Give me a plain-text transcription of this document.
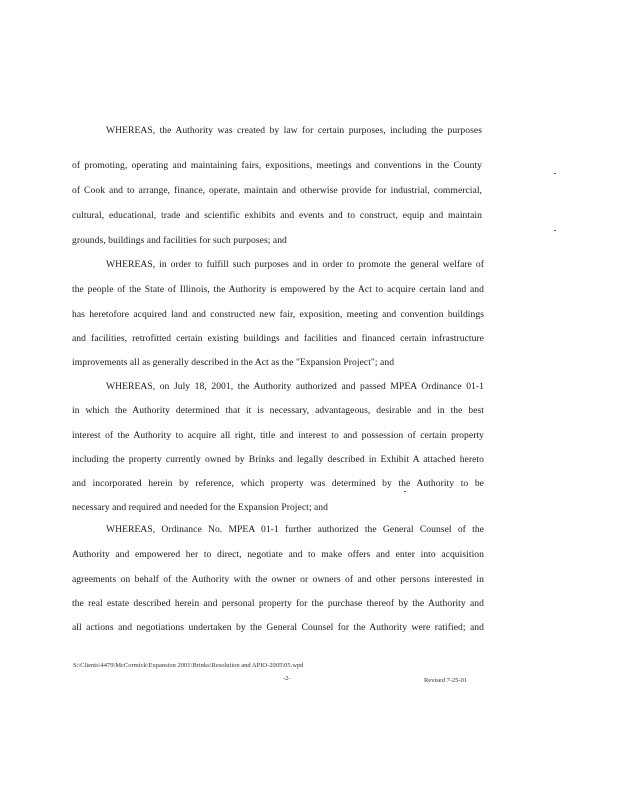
WHEREAS, the Authority was created by law for certain purposes, including the purposes
of promoting, operating and maintaining fairs, expositions, meetings and conventions in the County
of Cook and to arrange, finance, operate, maintain and otherwise provide for industrial, commercial,
cultural, educational, trade and scientific exhibits and events and to construct, equip and maintain
grounds, buildings and facilities for such purposes; and
WHEREAS, in order to fulfill such purposes and in order to promote the general welfare of
the people of the State of Illinois, the Authority is empowered by the Act to acquire certain land and
has heretofore acquired land and constructed new fair, exposition, meeting and convention buildings
and facilities, retrofitted certain existing buildings and facilities and financed certain infrastructure
improvements all as generally described in the Act as the "Expansion Project"; and
WHEREAS, on July 18, 2001, the Authority authorized and passed MPEA Ordinance 01-1
in which the Authority determined that it is necessary, advantageous, desirable and in the best
interest of the Authority to acquire all right, title and interest to and possession of certain property
including the property currently owned by Brinks and legally described in Exhibit A attached hereto
and incorporated herein by reference, which property was determined by the Authority to be
necessary and required and needed for the Expansion Project; and
WHEREAS, Ordinance No. MPEA 01-1 further authorized the General Counsel of the
Authority and empowered her to direct, negotiate and to make offers and enter into acquisition
agreements on behalf of the Authority with the owner or owners of and other persons interested in
the real estate described herein and personal property for the purchase thereof by the Authority and
all actions and negotiations undertaken by the General Counsel for the Authority were ratified; and
S:\Clients\4479\McCormick\Expansion 2001\Brinks\Resolution and APIO-2005\05.wpd
-2-	Revised 7-25-01
